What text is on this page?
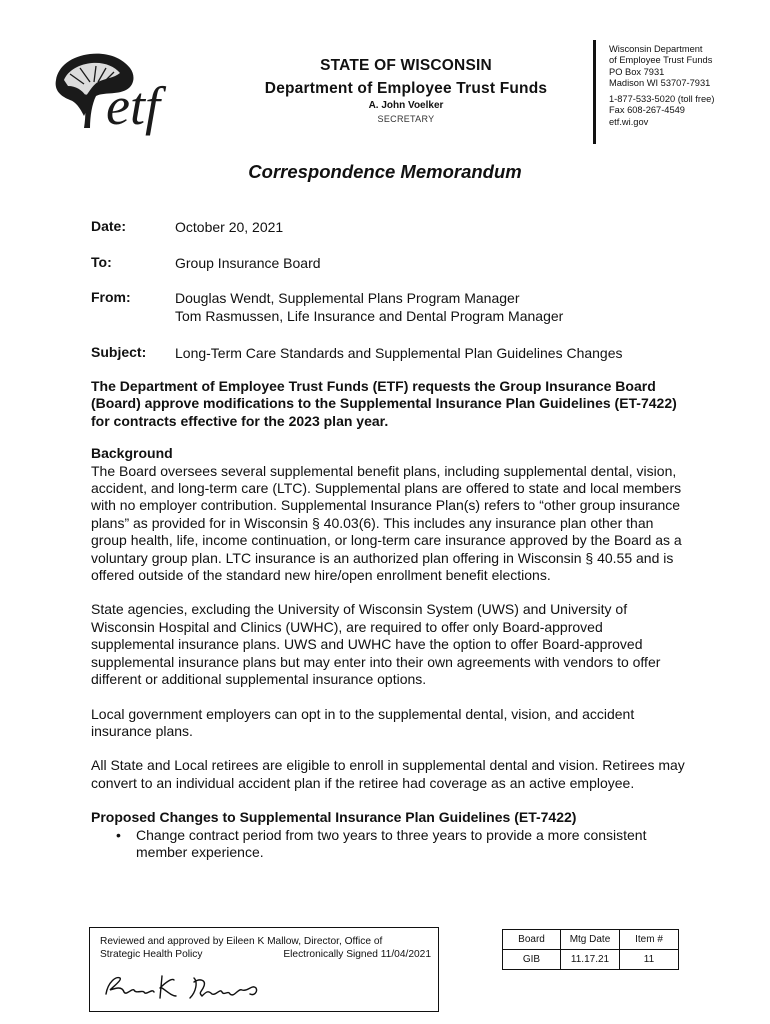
etf
STATE OF WISCONSIN
Department of Employee Trust Funds
A. John Voelker
SECRETARY
Wisconsin Department
of Employee Trust Funds
PO Box 7931
Madison WI 53707-7931
1-877-533-5020 (toll free)
Fax 608-267-4549
etf.wi.gov
Correspondence Memorandum
Date:	October 20, 2021
To:	Group Insurance Board
From:	Douglas Wendt, Supplemental Plans Program Manager
Tom Rasmussen, Life Insurance and Dental Program Manager
Subject: Long-Term Care Standards and Supplemental Plan Guidelines Changes
The Department of Employee Trust Funds (ETF) requests the Group Insurance Board (Board) approve modifications to the Supplemental Insurance Plan Guidelines (ET-7422) for contracts effective for the 2023 plan year.
Background
The Board oversees several supplemental benefit plans, including supplemental dental, vision, accident, and long-term care (LTC). Supplemental plans are offered to state and local members with no employer contribution. Supplemental Insurance Plan(s) refers to “other group insurance plans” as provided for in Wisconsin § 40.03(6). This includes any insurance plan other than group health, life, income continuation, or long-term care insurance approved by the Board as a voluntary group plan. LTC insurance is an authorized plan offering in Wisconsin § 40.55 and is offered outside of the standard new hire/open enrollment benefit elections.
State agencies, excluding the University of Wisconsin System (UWS) and University of Wisconsin Hospital and Clinics (UWHC), are required to offer only Board-approved supplemental insurance plans. UWS and UWHC have the option to offer Board-approved supplemental insurance plans but may enter into their own agreements with vendors to offer different or additional supplemental insurance options.
Local government employers can opt in to the supplemental dental, vision, and accident insurance plans.
All State and Local retirees are eligible to enroll in supplemental dental and vision. Retirees may convert to an individual accident plan if the retiree had coverage as an active employee.
Proposed Changes to Supplemental Insurance Plan Guidelines (ET-7422)
• Change contract period from two years to three years to provide a more consistent member experience.
Reviewed and approved by Eileen K Mallow, Director, Office of
Strategic Health Policy	Electronically Signed 11/04/2021
Board	Mtg Date	Item #
GIB	11.17.21	11
